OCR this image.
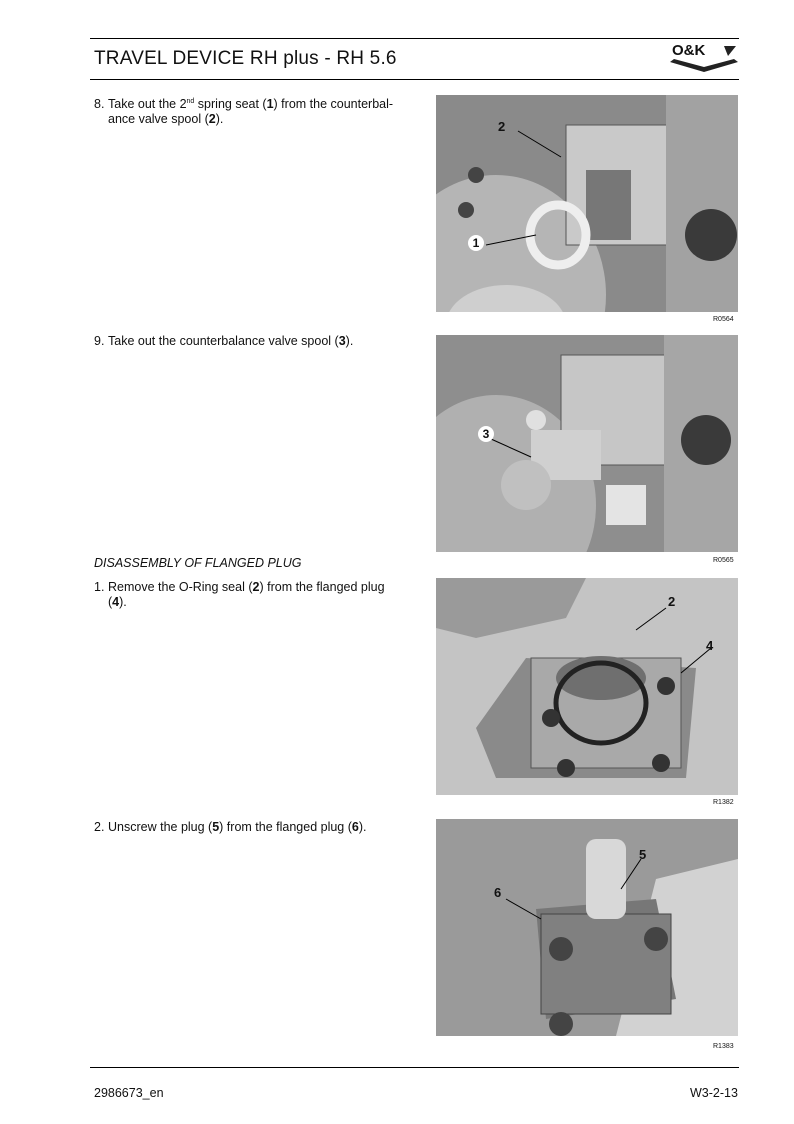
TRAVEL DEVICE RH plus - RH 5.6	O&K
8. Take out the 2nd spring seat (1) from the counterbal-
ance valve spool (2).	2
1
R0564
9. Take out the counterbalance valve spool (3).
3
R0565
DISASSEMBLY OF FLANGED PLUG
1. Remove the O-Ring seal (2) from the flanged plug
(4).	2
4
R1382
2. Unscrew the plug (5) from the flanged plug (6).
5
6
R1383
2986673_en	W3-2-13
